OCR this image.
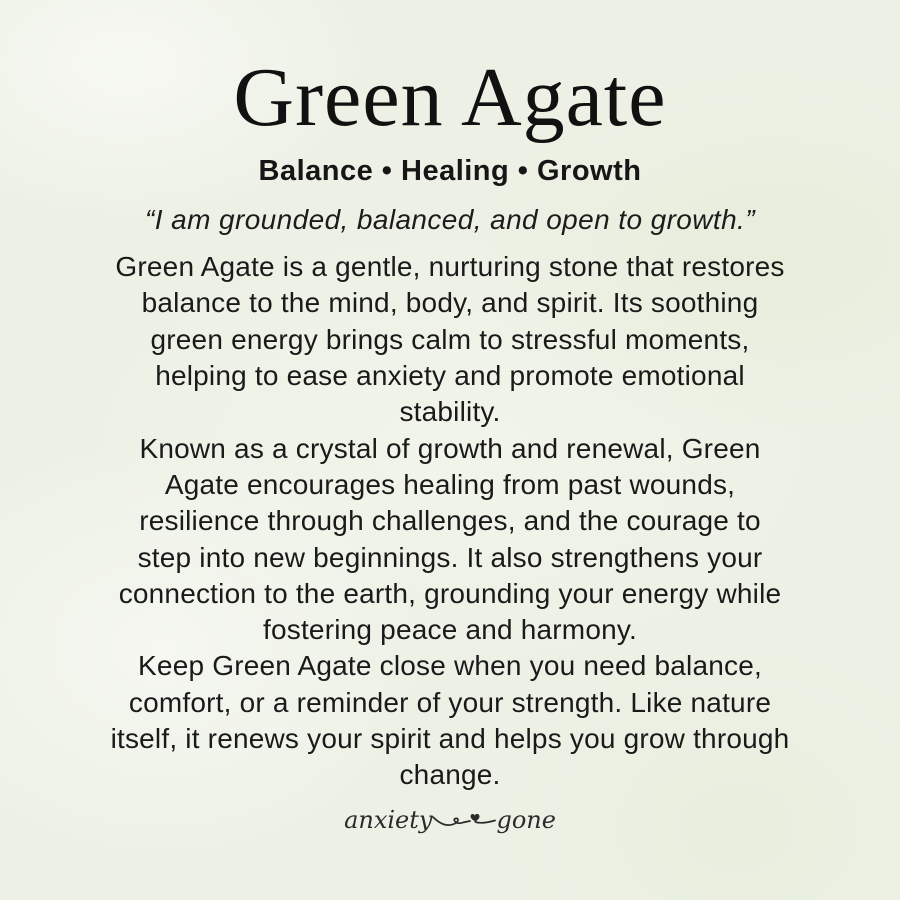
Green Agate
Balance • Healing • Growth
“I am grounded, balanced, and open to growth.”
Green Agate is a gentle, nurturing stone that restores
balance to the mind, body, and spirit. Its soothing
green energy brings calm to stressful moments,
helping to ease anxiety and promote emotional
stability.
Known as a crystal of growth and renewal, Green
Agate encourages healing from past wounds,
resilience through challenges, and the courage to
step into new beginnings. It also strengthens your
connection to the earth, grounding your energy while
fostering peace and harmony.
Keep Green Agate close when you need balance,
comfort, or a reminder of your strength. Like nature
itself, it renews your spirit and helps you grow through
change.
anxiety	gone
